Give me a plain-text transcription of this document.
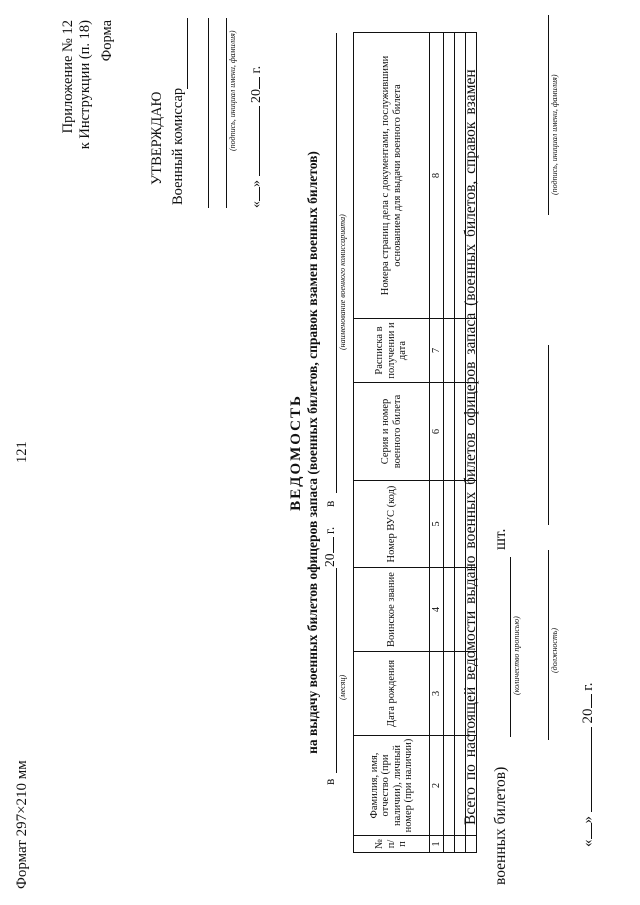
Формат 297×210 мм
121
Приложение № 12 к Инструкции (п. 18) Форма
УТВЕРЖДАЮ Военный комиссар	(подпись, инициал имени, фамилия)
«»  20 г.
ВЕДОМОСТЬ на выдачу военных билетов офицеров запаса (военных билетов, справок взамен военных билетов)
в
(месяц)
20 г.
в
(наименование военного комиссариата)
№ п/п	Фамилия, имя, отчество (при наличии), личный номер (при наличии)	Дата рождения	Воинское звание	Номер ВУС (код)	Серия и номер военного билета	Расписка в получении и дата	Номера страниц дела с документами, послужившими основанием для выдачи военного билета
1	2	3	4	5	6	7	8

							Всего по настоящей ведомости выдано военных билетов офицеров запаса (военных билетов, справок взамен
военных билетов)
шт.
(количество прописью)	(должность)
(подпись, инициал имени, фамилия)
«»  20 г.
